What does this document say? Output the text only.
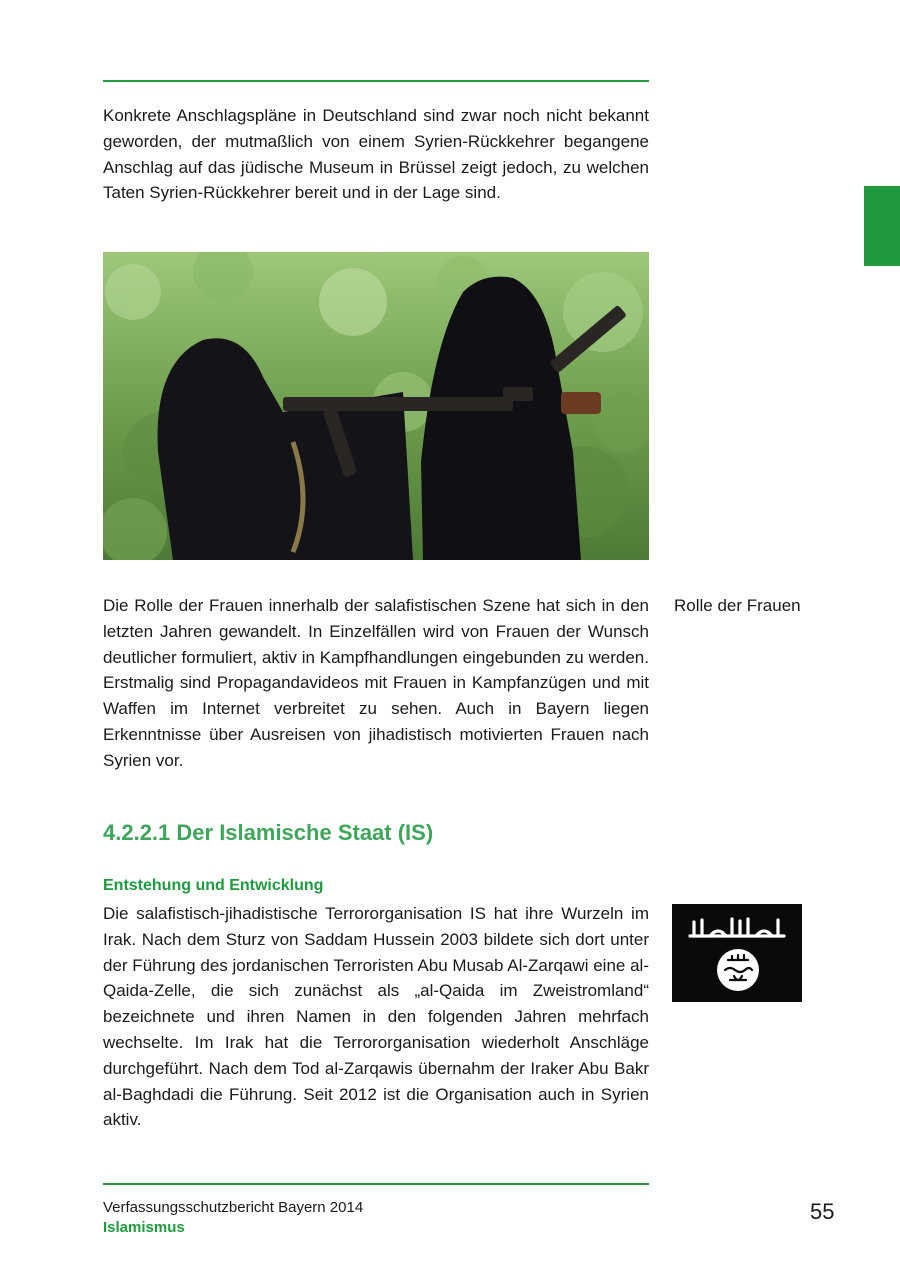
Konkrete Anschlagspläne in Deutschland sind zwar noch nicht bekannt geworden, der mutmaßlich von einem Syrien-Rückkehrer begangene Anschlag auf das jüdische Museum in Brüssel zeigt jedoch, zu welchen Taten Syrien-Rückkehrer bereit und in der Lage sind.

Die Rolle der Frauen innerhalb der salafistischen Szene hat sich in den letzten Jahren gewandelt. In Einzelfällen wird von Frauen der Wunsch deutlicher formuliert, aktiv in Kampfhandlungen eingebunden zu werden. Erstmalig sind Propagandavideos mit Frauen in Kampfanzügen und mit Waffen im Internet verbreitet zu sehen. Auch in Bayern liegen Erkenntnisse über Ausreisen von jihadistisch motivierten Frauen nach Syrien vor.

Rolle der Frauen
4.2.2.1 Der Islamische Staat (IS)
Entstehung und Entwicklung

Die salafistisch-jihadistische Terrororganisation IS hat ihre Wurzeln im Irak. Nach dem Sturz von Saddam Hussein 2003 bildete sich dort unter der Führung des jordanischen Terroristen Abu Musab Al-Zarqawi eine al-Qaida-Zelle, die sich zunächst als „al-Qaida im Zweistromland“ bezeichnete und ihren Namen in den folgenden Jahren mehrfach wechselte. Im Irak hat die Terrororganisation wiederholt Anschläge durchgeführt. Nach dem Tod al-Zarqawis übernahm der Iraker Abu Bakr al-Baghdadi die Führung. Seit 2012 ist die Organisation auch in Syrien aktiv.

Verfassungsschutzbericht Bayern 2014
Islamismus
55
